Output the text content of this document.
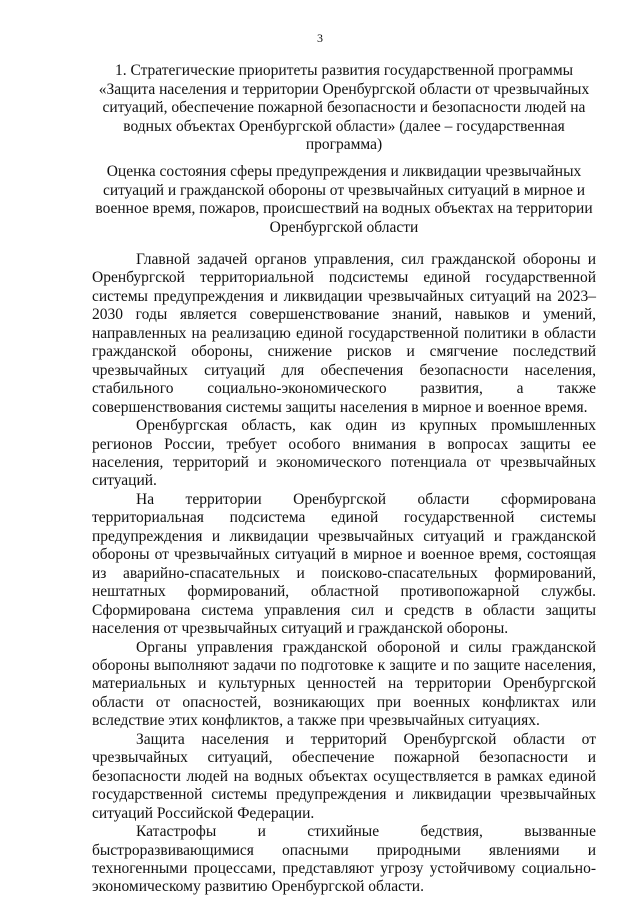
3
1. Стратегические приоритеты развития государственной программы «Защита населения и территории Оренбургской области от чрезвычайных ситуаций, обеспечение пожарной безопасности и безопасности людей на водных объектах Оренбургской области» (далее – государственная программа)
Оценка состояния сферы предупреждения и ликвидации чрезвычайных ситуаций и гражданской обороны от чрезвычайных ситуаций в мирное и военное время, пожаров, происшествий на водных объектах на территории Оренбургской области

Главной задачей органов управления, сил гражданской обороны и Оренбургской территориальной подсистемы единой государственной системы предупреждения и ликвидации чрезвычайных ситуаций на 2023–2030 годы является совершенствование знаний, навыков и умений, направленных на реализацию единой государственной политики в области гражданской обороны, снижение рисков и смягчение последствий чрезвычайных ситуаций для обеспечения безопасности населения, стабильного социально-экономического развития, а также совершенствования системы защиты населения в мирное и военное время.

Оренбургская область, как один из крупных промышленных регионов России, требует особого внимания в вопросах защиты ее населения, территорий и экономического потенциала от чрезвычайных ситуаций.

На территории Оренбургской области сформирована территориальная подсистема единой государственной системы предупреждения и ликвидации чрезвычайных ситуаций и гражданской обороны от чрезвычайных ситуаций в мирное и военное время, состоящая из аварийно-спасательных и поисково-спасательных формирований, нештатных формирований, областной противопожарной службы. Сформирована система управления сил и средств в области защиты населения от чрезвычайных ситуаций и гражданской обороны.

Органы управления гражданской обороной и силы гражданской обороны выполняют задачи по подготовке к защите и по защите населения, материальных и культурных ценностей на территории Оренбургской области от опасностей, возникающих при военных конфликтах или вследствие этих конфликтов, а также при чрезвычайных ситуациях.

Защита населения и территорий Оренбургской области от чрезвычайных ситуаций, обеспечение пожарной безопасности и безопасности людей на водных объектах осуществляется в рамках единой государственной системы предупреждения и ликвидации чрезвычайных ситуаций Российской Федерации.

Катастрофы и стихийные бедствия, вызванные быстроразвивающимися опасными природными явлениями и техногенными процессами, представляют угрозу устойчивому социально-экономическому развитию Оренбургской области.
